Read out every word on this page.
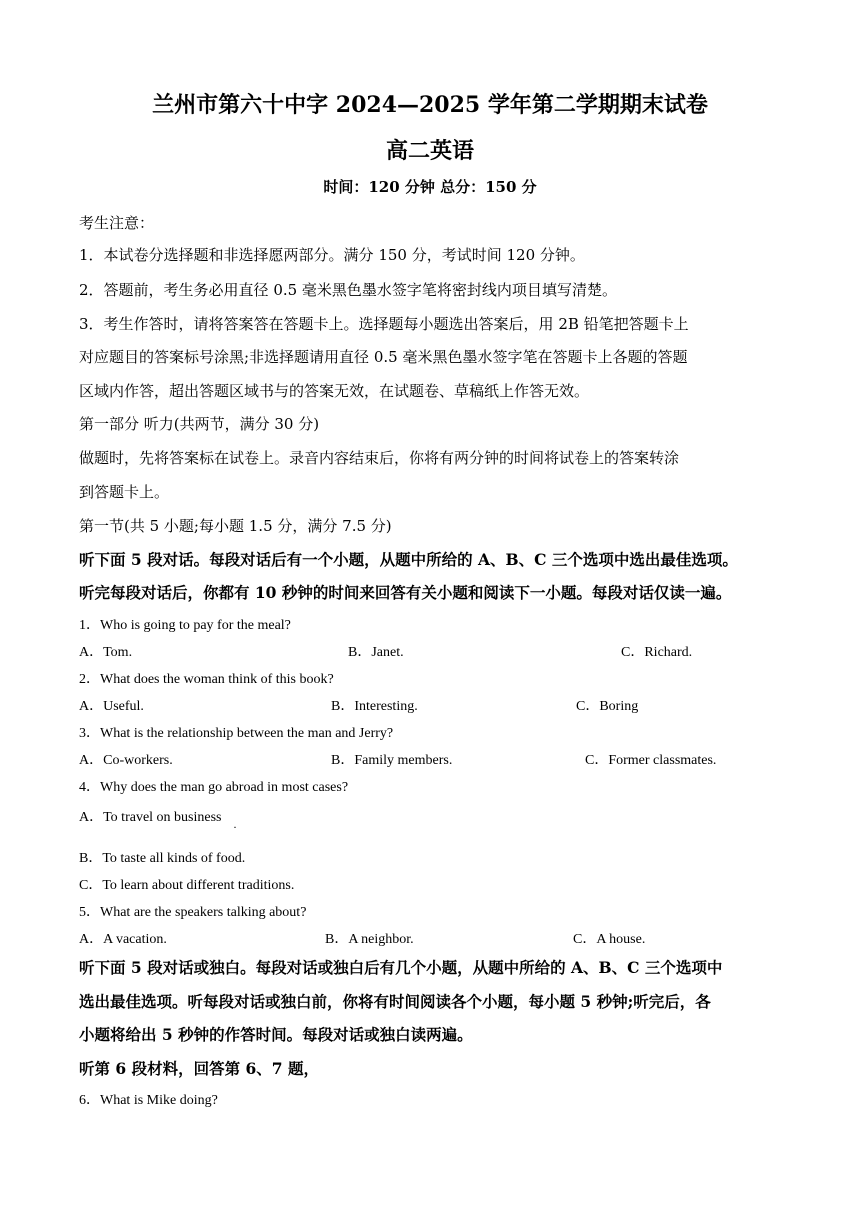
兰州市第六十中字 2024—2025 学年第二学期期末试卷
高二英语
时间：120 分钟 总分：150 分
考生注意：
1．本试卷分选择题和非选择愿两部分。满分 150 分，考试时间 120 分钟。
2．答题前，考生务必用直径 0.5 毫米黑色墨水签字笔将密封线内项目填写清楚。
3．考生作答时，请将答案答在答题卡上。选择题每小题选出答案后，用 2B 铅笔把答题卡上
对应题目的答案标号涂黑;非选择题请用直径 0.5 毫米黑色墨水签字笔在答题卡上各题的答题
区域内作答，超出答题区域书与的答案无效，在试题卷、草稿纸上作答无效。
第一部分 听力(共两节，满分 30 分)
做题时，先将答案标在试卷上。录音内容结束后，你将有两分钟的时间将试卷上的答案转涂
到答题卡上。
第一节(共 5 小题;每小题 1.5 分，满分 7.5 分)
听下面 5 段对话。每段对话后有一个小题，从题中所给的 A、B、C 三个选项中选出最佳选项。
听完每段对话后，你都有 10 秒钟的时间来回答有关小题和阅读下一小题。每段对话仅读一遍。
1．Who is going to pay for the meal?
A．Tom.	B．Janet.	C．Richard.
2．What does the woman think of this book?
A．Useful.	B．Interesting.	C．Boring
3．What is the relationship between the man and Jerry?
A．Co-workers.	B．Family members.	C．Former classmates.
4．Why does the man go abroad in most cases?
A．To travel on business
·
B．To taste all kinds of food.
C．To learn about different traditions.
5．What are the speakers talking about?
A．A vacation.	B．A neighbor.	C．A house.
听下面 5 段对话或独白。每段对话或独白后有几个小题，从题中所给的 A、B、C 三个选项中
选出最佳选项。听每段对话或独白前，你将有时间阅读各个小题，每小题 5 秒钟;听完后，各
小题将给出 5 秒钟的作答时间。每段对话或独白读两遍。
听第 6 段材料，回答第 6、7 题，
6．What is Mike doing?
